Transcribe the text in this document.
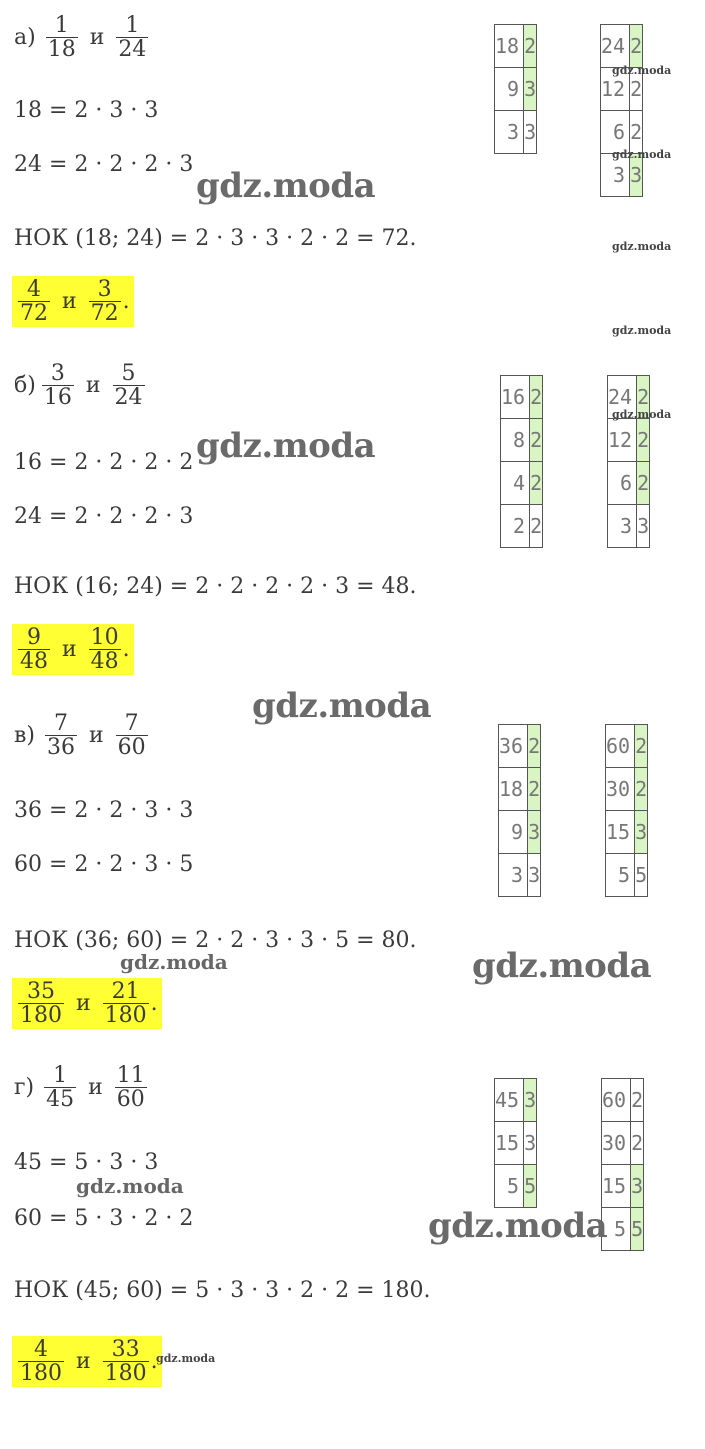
$а) \frac{1}{18}$ и $\frac{1}{24}$
18 = 2 · 3 · 3
24 = 2 · 2 · 2 · 3
НОК (18; 24) = 2 · 3 · 3 · 2 · 2 = 72.
$\frac{4}{72}$ и $\frac{3}{72}$ .
18	2
9	3
3	3
24	2
12	2
6	2
3	3
$б) \frac{3}{16}$ и $\frac{5}{24}$
16 = 2 · 2 · 2 · 2
24 = 2 · 2 · 2 · 3
НОК (16; 24) = 2 · 2 · 2 · 2 · 3 = 48.
$\frac{9}{48}$ и $\frac{10}{48}$ .
16	2
8	2
4	2
2	2
24	2
12	2
6	2
3	3
$в) \frac{7}{36}$ и $\frac{7}{60}$
36 = 2 · 2 · 3 · 3
60 = 2 · 2 · 3 · 5
НОК (36; 60) = 2 · 2 · 3 · 3 · 5 = 80.
$\frac{35}{180}$ и $\frac{21}{180}$ .
36	2
18	2
9	3
3	3
60	2
30	2
15	3
5	5
$г) \frac{1}{45}$ и $\frac{11}{60}$
45 = 5 · 3 · 3
60 = 5 · 3 · 2 · 2
НОК (45; 60) = 5 · 3 · 3 · 2 · 2 = 180.
$\frac{4}{180}$ и $\frac{33}{180}$ .
45	3
15	3
5	5
60	2
30	2
15	3
5	5
gdz.moda
gdz.moda
gdz.moda
gdz.moda
gdz.moda
gdz.moda
gdz.moda
gdz.moda
gdz.moda
gdz.moda
gdz.moda
gdz.moda
gdz.moda
